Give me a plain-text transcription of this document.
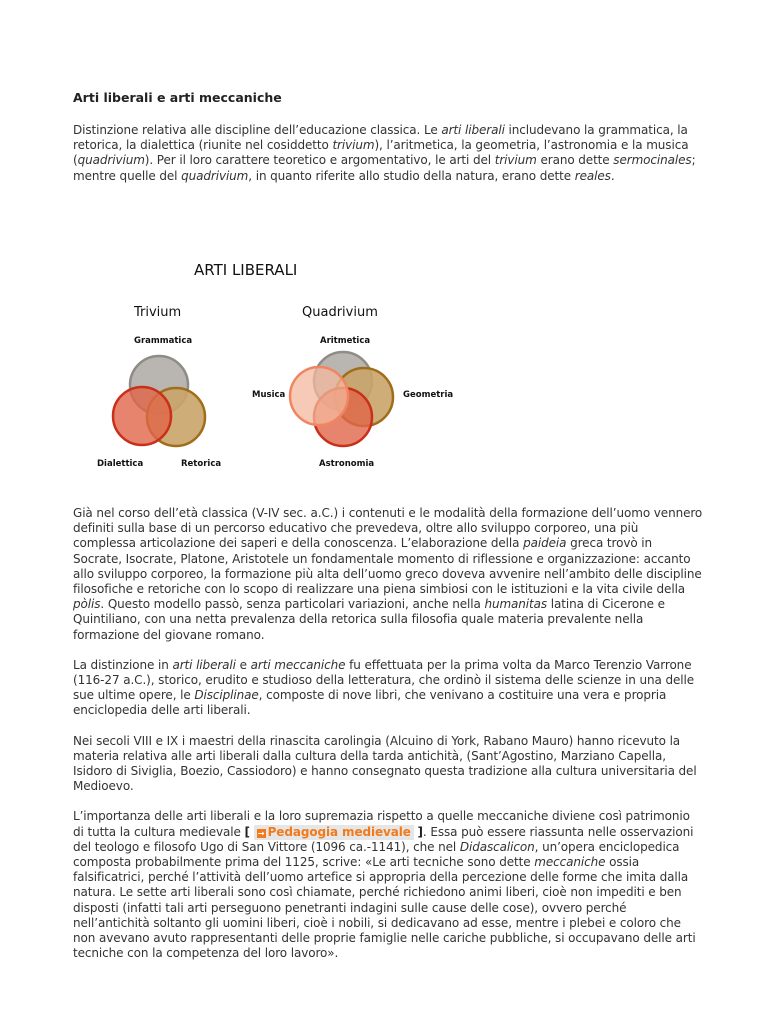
Arti liberali e arti meccaniche

Distinzione relativa alle discipline dell’educazione classica. Le arti liberali includevano la grammatica, la retorica, la dialettica (riunite nel cosiddetto trivium), l’aritmetica, la geometria, l’astronomia e la musica (quadrivium). Per il loro carattere teoretico e argomentativo, le arti del trivium erano dette sermocinales; mentre quelle del quadrivium, in quanto riferite allo studio della natura, erano dette reales.

ARTI LIBERALI
Trivium	Quadrivium
Grammatica
Dialettica	Retorica
Aritmetica
Musica	Geometria
Astronomia

Già nel corso dell’età classica (V-IV sec. a.C.) i contenuti e le modalità della formazione dell’uomo vennero definiti sulla base di un percorso educativo che prevedeva, oltre allo sviluppo corporeo, una più complessa articolazione dei saperi e della conoscenza. L’elaborazione della paideia greca trovò in Socrate, Isocrate, Platone, Aristotele un fondamentale momento di riflessione e organizzazione: accanto allo sviluppo corporeo, la formazione più alta dell’uomo greco doveva avvenire nell’ambito delle discipline filosofiche e retoriche con lo scopo di realizzare una piena simbiosi con le istituzioni e la vita civile della pòlis. Questo modello passò, senza particolari variazioni, anche nella humanitas latina di Cicerone e Quintiliano, con una netta prevalenza della retorica sulla filosofia quale materia prevalente nella formazione del giovane romano.

La distinzione in arti liberali e arti meccaniche fu effettuata per la prima volta da Marco Terenzio Varrone (116-27 a.C.), storico, erudito e studioso della letteratura, che ordinò il sistema delle scienze in una delle sue ultime opere, le Disciplinae, composte di nove libri, che venivano a costituire una vera e propria enciclopedia delle arti liberali.

Nei secoli VIII e IX i maestri della rinascita carolingia (Alcuino di York, Rabano Mauro) hanno ricevuto la materia relativa alle arti liberali dalla cultura della tarda antichità, (Sant’Agostino, Marziano Capella, Isidoro di Siviglia, Boezio, Cassiodoro) e hanno consegnato questa tradizione alla cultura universitaria del Medioevo.

L’importanza delle arti liberali e la loro supremazia rispetto a quelle meccaniche diviene così patrimonio di tutta la cultura medievale [ → Pedagogia medievale ]. Essa può essere riassunta nelle osservazioni del teologo e filosofo Ugo di San Vittore (1096 ca.-1141), che nel Didascalicon, un’opera enciclopedica composta probabilmente prima del 1125, scrive: «Le arti tecniche sono dette meccaniche ossia falsificatrici, perché l’attività dell’uomo artefice si appropria della percezione delle forme che imita dalla natura. Le sette arti liberali sono così chiamate, perché richiedono animi liberi, cioè non impediti e ben disposti (infatti tali arti perseguono penetranti indagini sulle cause delle cose), ovvero perché nell’antichità soltanto gli uomini liberi, cioè i nobili, si dedicavano ad esse, mentre i plebei e coloro che non avevano avuto rappresentanti delle proprie famiglie nelle cariche pubbliche, si occupavano delle arti tecniche con la competenza del loro lavoro».
